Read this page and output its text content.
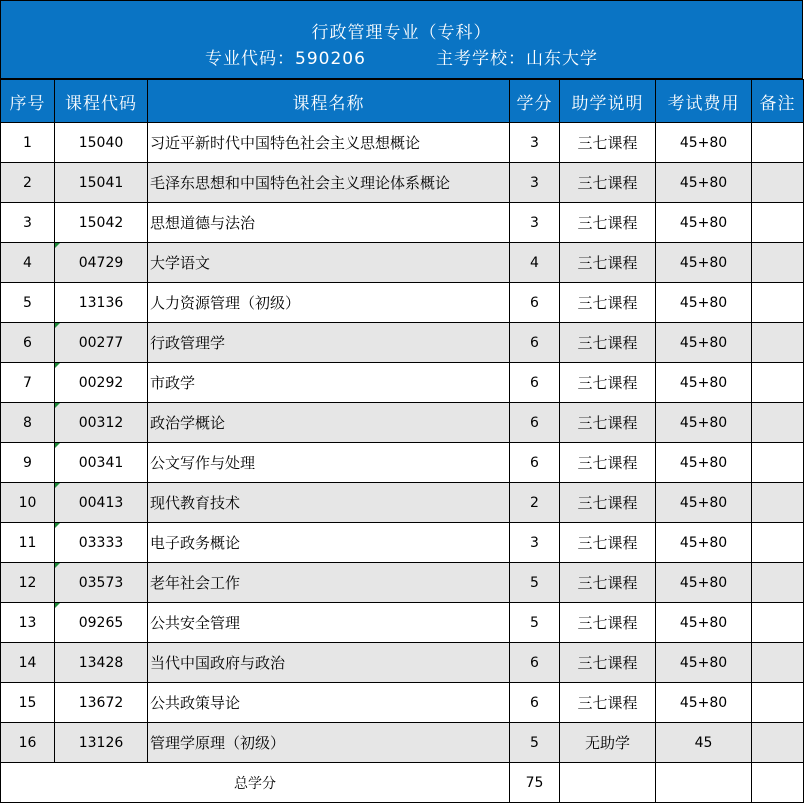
行政管理专业（专科）
专业代码：590206	主考学校：山东大学
序号	课程代码	课程名称	学分	助学说明	考试费用	备注
1	15040	习近平新时代中国特色社会主义思想概论	3	三七课程	45+80	
2	15041	毛泽东思想和中国特色社会主义理论体系概论	3	三七课程	45+80	
3	15042	思想道德与法治	3	三七课程	45+80	
4	04729	大学语文	4	三七课程	45+80	
5	13136	人力资源管理（初级）	6	三七课程	45+80	
6	00277	行政管理学	6	三七课程	45+80	
7	00292	市政学	6	三七课程	45+80	
8	00312	政治学概论	6	三七课程	45+80	
9	00341	公文写作与处理	6	三七课程	45+80	
10	00413	现代教育技术	2	三七课程	45+80	
11	03333	电子政务概论	3	三七课程	45+80	
12	03573	老年社会工作	5	三七课程	45+80	
13	09265	公共安全管理	5	三七课程	45+80	
14	13428	当代中国政府与政治	6	三七课程	45+80	
15	13672	公共政策导论	6	三七课程	45+80	
16	13126	管理学原理（初级）	5	无助学	45	
总学分			75			
